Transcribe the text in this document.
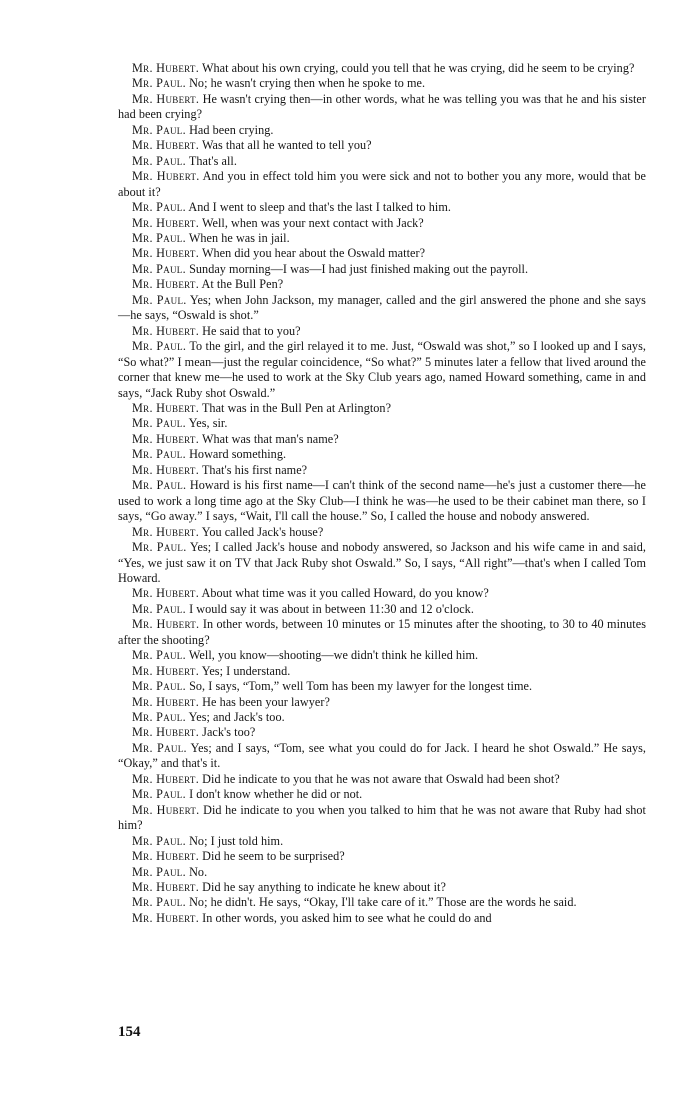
Mr. Hubert. What about his own crying, could you tell that he was crying, did he seem to be crying?

Mr. Paul. No; he wasn't crying then when he spoke to me.

Mr. Hubert. He wasn't crying then—in other words, what he was telling you was that he and his sister had been crying?

Mr. Paul. Had been crying.

Mr. Hubert. Was that all he wanted to tell you?

Mr. Paul. That's all.

Mr. Hubert. And you in effect told him you were sick and not to bother you any more, would that be about it?

Mr. Paul. And I went to sleep and that's the last I talked to him.

Mr. Hubert. Well, when was your next contact with Jack?

Mr. Paul. When he was in jail.

Mr. Hubert. When did you hear about the Oswald matter?

Mr. Paul. Sunday morning—I was—I had just finished making out the payroll.

Mr. Hubert. At the Bull Pen?

Mr. Paul. Yes; when John Jackson, my manager, called and the girl answered the phone and she says—he says, “Oswald is shot.”

Mr. Hubert. He said that to you?

Mr. Paul. To the girl, and the girl relayed it to me. Just, “Oswald was shot,” so I looked up and I says, “So what?” I mean—just the regular coincidence, “So what?” 5 minutes later a fellow that lived around the corner that knew me—he used to work at the Sky Club years ago, named Howard something, came in and says, “Jack Ruby shot Oswald.”

Mr. Hubert. That was in the Bull Pen at Arlington?

Mr. Paul. Yes, sir.

Mr. Hubert. What was that man's name?

Mr. Paul. Howard something.

Mr. Hubert. That's his first name?

Mr. Paul. Howard is his first name—I can't think of the second name—he's just a customer there—he used to work a long time ago at the Sky Club—I think he was—he used to be their cabinet man there, so I says, “Go away.” I says, “Wait, I'll call the house.” So, I called the house and nobody answered.

Mr. Hubert. You called Jack's house?

Mr. Paul. Yes; I called Jack's house and nobody answered, so Jackson and his wife came in and said, “Yes, we just saw it on TV that Jack Ruby shot Oswald.” So, I says, “All right”—that's when I called Tom Howard.

Mr. Hubert. About what time was it you called Howard, do you know?

Mr. Paul. I would say it was about in between 11:30 and 12 o'clock.

Mr. Hubert. In other words, between 10 minutes or 15 minutes after the shooting, to 30 to 40 minutes after the shooting?

Mr. Paul. Well, you know—shooting—we didn't think he killed him.

Mr. Hubert. Yes; I understand.

Mr. Paul. So, I says, “Tom,” well Tom has been my lawyer for the longest time.

Mr. Hubert. He has been your lawyer?

Mr. Paul. Yes; and Jack's too.

Mr. Hubert. Jack's too?

Mr. Paul. Yes; and I says, “Tom, see what you could do for Jack. I heard he shot Oswald.” He says, “Okay,” and that's it.

Mr. Hubert. Did he indicate to you that he was not aware that Oswald had been shot?

Mr. Paul. I don't know whether he did or not.

Mr. Hubert. Did he indicate to you when you talked to him that he was not aware that Ruby had shot him?

Mr. Paul. No; I just told him.

Mr. Hubert. Did he seem to be surprised?

Mr. Paul. No.

Mr. Hubert. Did he say anything to indicate he knew about it?

Mr. Paul. No; he didn't. He says, “Okay, I'll take care of it.” Those are the words he said.

Mr. Hubert. In other words, you asked him to see what he could do and

154
